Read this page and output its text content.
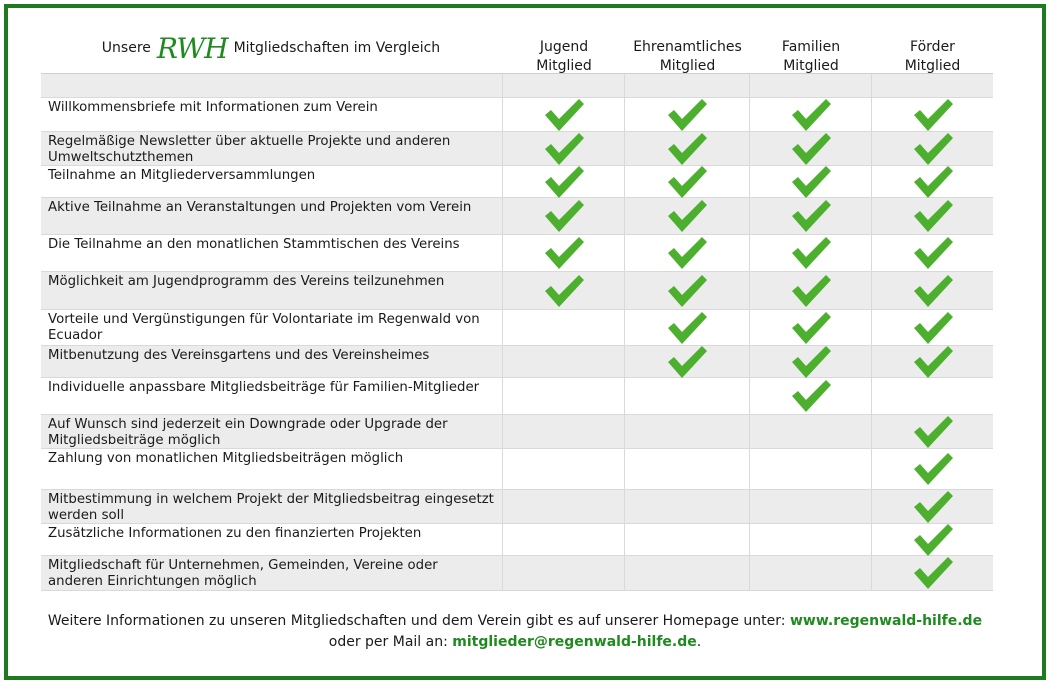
Unsere RWH Mitgliedschaften im Vergleich	Jugend
Mitglied
Ehrenamtliches
Mitglied
Familien
Mitglied
Förder
Mitglied
Willkommensbriefe mit Informationen zum Verein
Regelmäßige Newsletter über aktuelle Projekte und anderen Umweltschutzthemen
Teilnahme an Mitgliederversammlungen
Aktive Teilnahme an Veranstaltungen und Projekten vom Verein
Die Teilnahme an den monatlichen Stammtischen des Vereins
Möglichkeit am Jugendprogramm des Vereins teilzunehmen
Vorteile und Vergünstigungen für Volontariate im Regenwald von Ecuador
Mitbenutzung des Vereinsgartens und des Vereinsheimes
Individuelle anpassbare Mitgliedsbeiträge für Familien-Mitglieder
Auf Wunsch sind jederzeit ein Downgrade oder Upgrade der Mitgliedsbeiträge möglich
Zahlung von monatlichen Mitgliedsbeiträgen möglich
Mitbestimmung in welchem Projekt der Mitgliedsbeitrag eingesetzt werden soll
Zusätzliche Informationen zu den finanzierten Projekten
Mitgliedschaft für Unternehmen, Gemeinden, Vereine oder anderen Einrichtungen möglich
Weitere Informationen zu unseren Mitgliedschaften und dem Verein gibt es auf unserer Homepage unter: www.regenwald-hilfe.de
oder per Mail an: mitglieder@regenwald-hilfe.de.
